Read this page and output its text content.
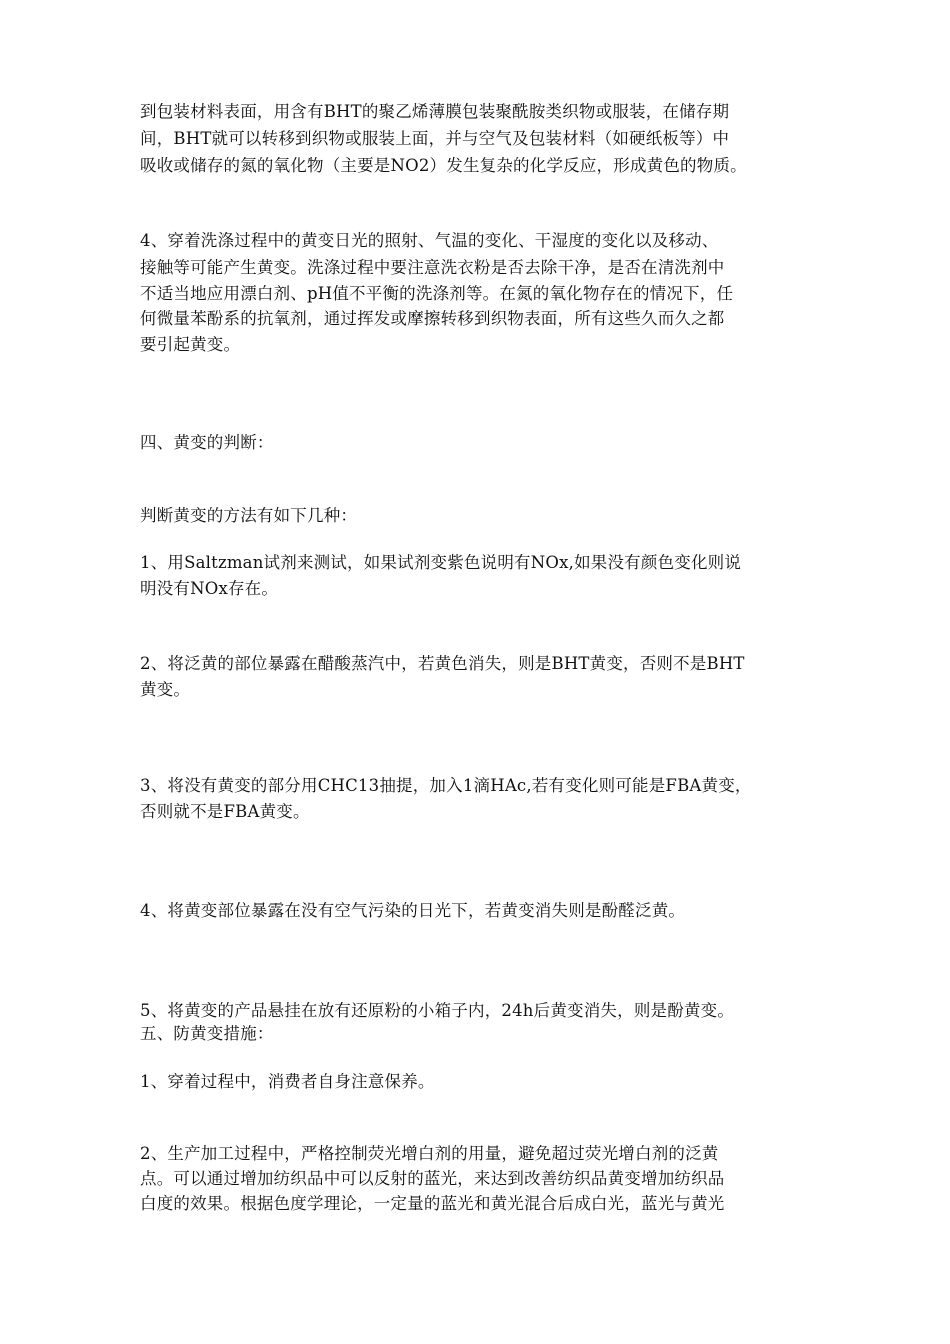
到包装材料表面，用含有BHT的聚乙烯薄膜包装聚酰胺类织物或服装，在储存期
间，BHT就可以转移到织物或服装上面，并与空气及包装材料（如硬纸板等）中
吸收或储存的氮的氧化物（主要是NO2）发生复杂的化学反应，形成黄色的物质。
4、穿着洗涤过程中的黄变日光的照射、气温的变化、干湿度的变化以及移动、
接触等可能产生黄变。洗涤过程中要注意洗衣粉是否去除干净，是否在清洗剂中
不适当地应用漂白剂、pH值不平衡的洗涤剂等。在氮的氧化物存在的情况下，任
何微量苯酚系的抗氧剂，通过挥发或摩擦转移到织物表面，所有这些久而久之都
要引起黄变。
四、黄变的判断：
判断黄变的方法有如下几种：
1、用Saltzman试剂来测试，如果试剂变紫色说明有NOx,如果没有颜色变化则说
明没有NOx存在。
2、将泛黄的部位暴露在醋酸蒸汽中，若黄色消失，则是BHT黄变，否则不是BHT
黄变。
3、将没有黄变的部分用CHC13抽提，加入1滴HAc,若有变化则可能是FBA黄变，
否则就不是FBA黄变。
4、将黄变部位暴露在没有空气污染的日光下，若黄变消失则是酚醛泛黄。
5、将黄变的产品悬挂在放有还原粉的小箱子内，24h后黄变消失，则是酚黄变。
五、防黄变措施：
1、穿着过程中，消费者自身注意保养。
2、生产加工过程中，严格控制荧光增白剂的用量，避免超过荧光增白剂的泛黄
点。可以通过增加纺织品中可以反射的蓝光，来达到改善纺织品黄变增加纺织品
白度的效果。根据色度学理论，一定量的蓝光和黄光混合后成白光，蓝光与黄光
